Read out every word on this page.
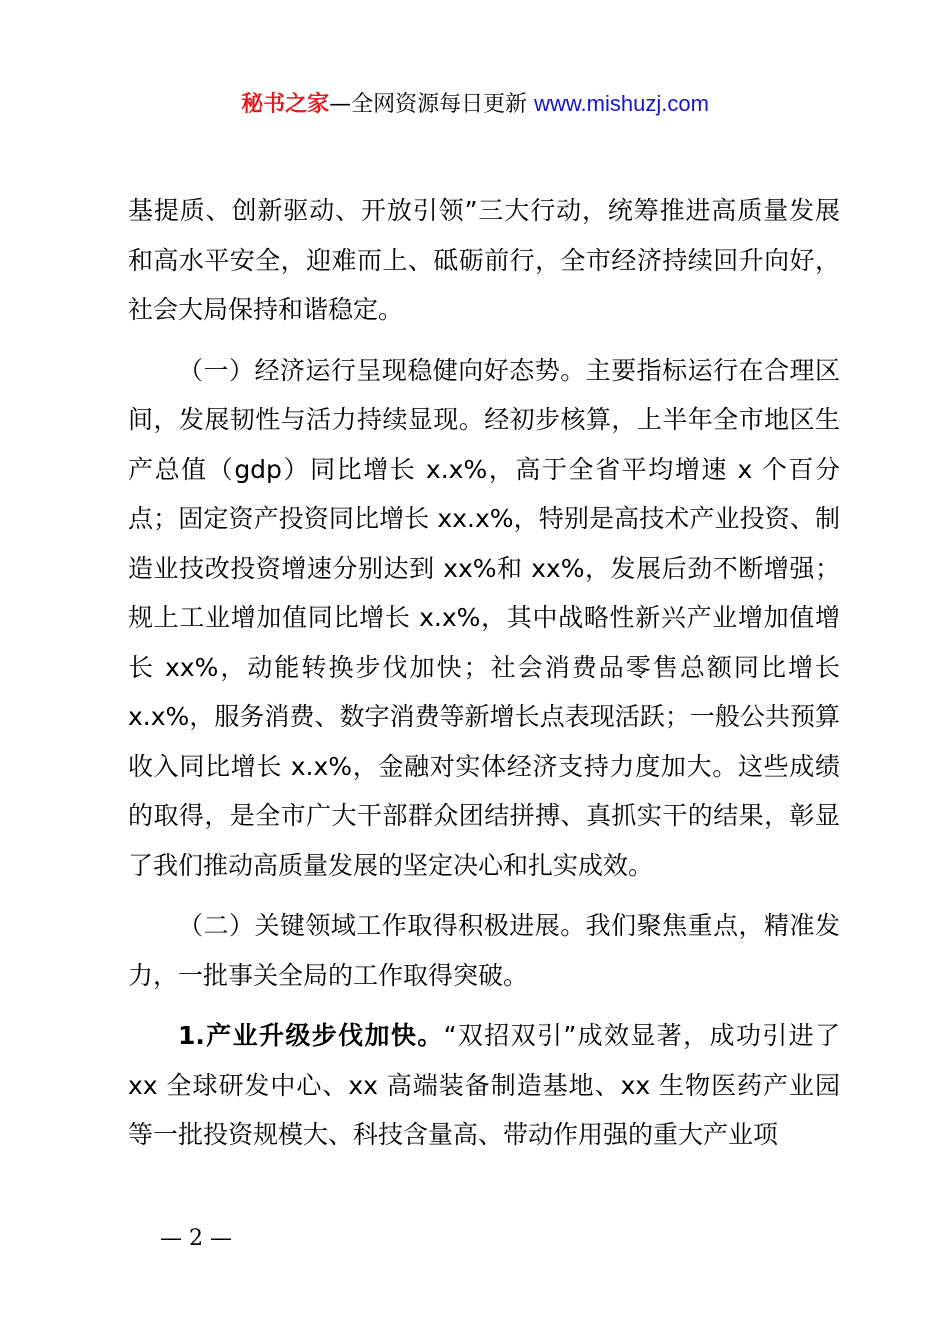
秘书之家—全网资源每日更新 www.mishuzj.com

基提质、创新驱动、开放引领”三大行动，统筹推进高质量发展和高水平安全，迎难而上、砥砺前行，全市经济持续回升向好，社会大局保持和谐稳定。

（一）经济运行呈现稳健向好态势。主要指标运行在合理区间，发展韧性与活力持续显现。经初步核算，上半年全市地区生产总值（gdp）同比增长 x.x%，高于全省平均增速 x 个百分点；固定资产投资同比增长 xx.x%，特别是高技术产业投资、制造业技改投资增速分别达到 xx%和 xx%，发展后劲不断增强；规上工业增加值同比增长 x.x%，其中战略性新兴产业增加值增长 xx%，动能转换步伐加快；社会消费品零售总额同比增长 x.x%，服务消费、数字消费等新增长点表现活跃；一般公共预算收入同比增长 x.x%，金融对实体经济支持力度加大。这些成绩的取得，是全市广大干部群众团结拼搏、真抓实干的结果，彰显了我们推动高质量发展的坚定决心和扎实成效。

（二）关键领域工作取得积极进展。我们聚焦重点，精准发力，一批事关全局的工作取得突破。

1.产业升级步伐加快。“双招双引”成效显著，成功引进了 xx 全球研发中心、xx 高端装备制造基地、xx 生物医药产业园等一批投资规模大、科技含量高、带动作用强的重大产业项

— 2 —
